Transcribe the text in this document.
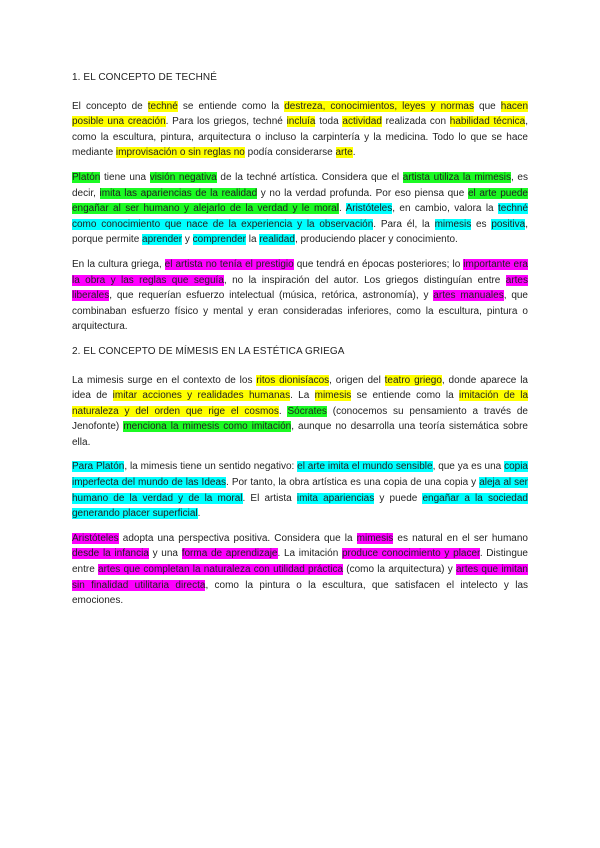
1. EL CONCEPTO DE TECHNÉ

El concepto de techné se entiende como la destreza, conocimientos, leyes y normas que hacen posible una creación. Para los griegos, techné incluía toda actividad realizada con habilidad técnica, como la escultura, pintura, arquitectura o incluso la carpintería y la medicina. Todo lo que se hace mediante improvisación o sin reglas no podía considerarse arte.

Platón tiene una visión negativa de la techné artística. Considera que el artista utiliza la mimesis, es decir, imita las apariencias de la realidad y no la verdad profunda. Por eso piensa que el arte puede engañar al ser humano y alejarlo de la verdad y le moral. Aristóteles, en cambio, valora la techné como conocimiento que nace de la experiencia y la observación. Para él, la mimesis es positiva, porque permite aprender y comprender la realidad, produciendo placer y conocimiento.

En la cultura griega, el artista no tenía el prestigio que tendrá en épocas posteriores; lo importante era la obra y las reglas que seguía, no la inspiración del autor. Los griegos distinguían entre artes liberales, que requerían esfuerzo intelectual (música, retórica, astronomía), y artes manuales, que combinaban esfuerzo físico y mental y eran consideradas inferiores, como la escultura, pintura o arquitectura.

2. EL CONCEPTO DE MÍMESIS EN LA ESTÉTICA GRIEGA

La mimesis surge en el contexto de los ritos dionisíacos, origen del teatro griego, donde aparece la idea de imitar acciones y realidades humanas. La mimesis se entiende como la imitación de la naturaleza y del orden que rige el cosmos. Sócrates (conocemos su pensamiento a través de Jenofonte) menciona la mimesis como imitación, aunque no desarrolla una teoría sistemática sobre ella.

Para Platón, la mimesis tiene un sentido negativo: el arte imita el mundo sensible, que ya es una copia imperfecta del mundo de las Ideas. Por tanto, la obra artística es una copia de una copia y aleja al ser humano de la verdad y de la moral. El artista imita apariencias y puede engañar a la sociedad generando placer superficial.

Aristóteles adopta una perspectiva positiva. Considera que la mimesis es natural en el ser humano desde la infancia y una forma de aprendizaje. La imitación produce conocimiento y placer. Distingue entre artes que completan la naturaleza con utilidad práctica (como la arquitectura) y artes que imitan sin finalidad utilitaria directa, como la pintura o la escultura, que satisfacen el intelecto y las emociones.
